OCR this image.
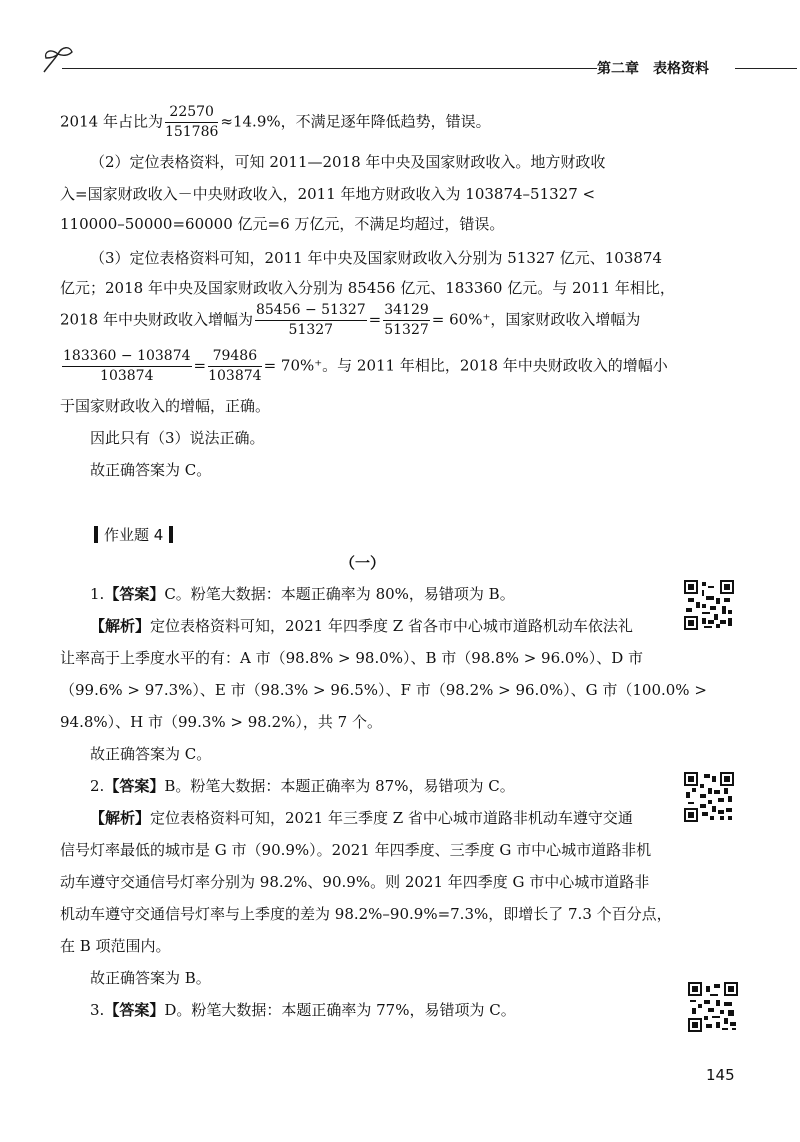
第二章 表格资料
2014 年占比为 $\frac{22570}{151786} \approx 14.9\%$，不满足逐年降低趋势，错误。
（2）定位表格资料，可知 2011—2018 年中央及国家财政收入。地方财政收
入=国家财政收入－中央财政收入，2011 年地方财政收入为 103874–51327 <
110000–50000=60000 亿元=6 万亿元，不满足均超过，错误。
（3）定位表格资料可知，2011 年中央及国家财政收入分别为 51327 亿元、103874
亿元；2018 年中央及国家财政收入分别为 85456 亿元、183360 亿元。与 2011 年相比，
2018 年中央财政收入增幅为 $\frac{85456 - 51327}{51327} = \frac{34129}{51327} = 60\%^+$，国家财政收入增幅为
$\frac{183360 - 103874}{103874} = \frac{79486}{103874} = 70\%^+$。与 2011 年相比，2018 年中央财政收入的增幅小
于国家财政收入的增幅，正确。
因此只有（3）说法正确。
故正确答案为 C。
作业题 4
（一）
1.【答案】C。粉笔大数据：本题正确率为 80%，易错项为 B。
【解析】定位表格资料可知，2021 年四季度 Z 省各市中心城市道路机动车依法礼
让率高于上季度水平的有：A 市（98.8% > 98.0%）、B 市（98.8% > 96.0%）、D 市
（99.6% > 97.3%）、E 市（98.3% > 96.5%）、F 市（98.2% > 96.0%）、G 市（100.0% >
94.8%）、H 市（99.3% > 98.2%），共 7 个。
故正确答案为 C。
2.【答案】B。粉笔大数据：本题正确率为 87%，易错项为 C。
【解析】定位表格资料可知，2021 年三季度 Z 省中心城市道路非机动车遵守交通
信号灯率最低的城市是 G 市（90.9%）。2021 年四季度、三季度 G 市中心城市道路非机
动车遵守交通信号灯率分别为 98.2%、90.9%。则 2021 年四季度 G 市中心城市道路非
机动车遵守交通信号灯率与上季度的差为 98.2%–90.9%=7.3%，即增长了 7.3 个百分点，
在 B 项范围内。
故正确答案为 B。
3.【答案】D。粉笔大数据：本题正确率为 77%，易错项为 C。
145
